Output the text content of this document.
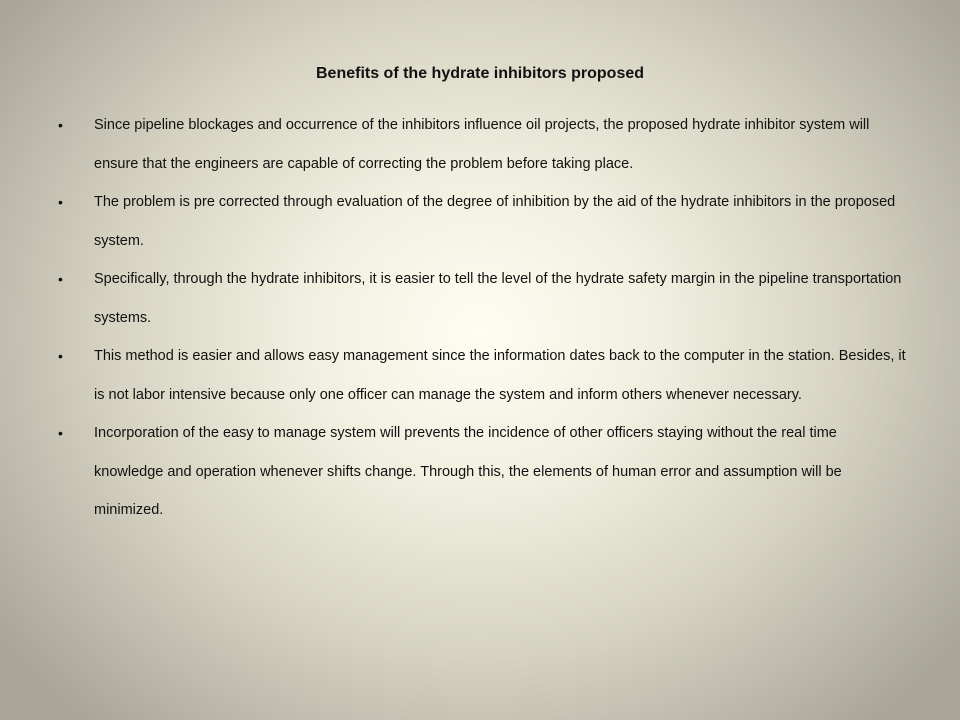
Benefits of the hydrate inhibitors proposed
• Since pipeline blockages and occurrence of the inhibitors influence oil projects, the proposed hydrate inhibitor system will ensure that the engineers are capable of correcting the problem before taking place.
• The problem is pre corrected through evaluation of the degree of inhibition by the aid of the hydrate inhibitors in the proposed system.
• Specifically, through the hydrate inhibitors, it is easier to tell the level of the hydrate safety margin in the pipeline transportation systems.
• This method is easier and allows easy management since the information dates back to the computer in the station. Besides, it is not labor intensive because only one officer can manage the system and inform others whenever necessary.
• Incorporation of the easy to manage system will prevents the incidence of other officers staying without the real time knowledge and operation whenever shifts change. Through this, the elements of human error and assumption will be minimized.
